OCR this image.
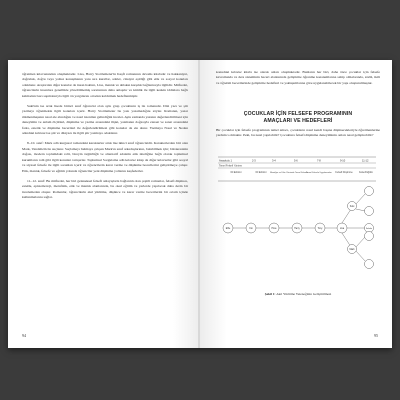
öğretmen kılavuzundan oluşmaktadır. Lisa, Harry Stottlemeier'in Keşfi romanının devamı kitabıdır ve hakkaniyet, doğruluk, doğru veya yalnız konuşmanın yanı sıra kurallar, adalet, cinsiyet eşitliği gibi etik ve sosyal konuları odaklanır. Araştırılan diğer konular da insan hakları, Lisa, mantık ve ahlakın karşılık bağlantısıyla ilgilidir. Müfredat, öğrencilerin insanlara genellikle yöneltilmemiş sorularının daha anlaşılır ve kimlik ile ilgili keskin iddialara bağlı kalmadan bazı sapmalarıyla ilgili ön yargılarını ortadan kaldırmak hedeflenmiştir.

Suki'nin ise artık lisede birinci sınıf öğrencisi olan aynı grup çocukların iş ile romanıdır. Dizi yazı ve şiir yazmayı öğretmekle ilgili konuları içerir. Harry Stottlemeier bu yazı yazamadığını söyler. Romanın, yazar rükmenmaşının nasıl ele alındığını ve nasıl istenilen gelindiğini inceler. Aynı zamanda yazının değerlendirilmesi için deneyimin ve anlam ölçütleri, düşünme ve yazma arasındaki ilişki, yazmanın doğasıyla zanaat ve sanat arasındaki farkı, estetik ve düşünme becerileri ile değerlendirilmesi gibi konular da ele alınır. Yazmaya Nasıl ve Neden adındaki kılavuz ise şiir ve düzyazı ile ilgili şiir yazmaya odaklanır.

8.-10. sınıf: Mark adlı kurgusal romandaki karakterler artık lise ikinci sınıf öğrencisidir. Karakterlerden biri olan Mark, Vandalizm ile suçlanır. Suçlamayı bulmaya çalışan Mark'ın sınıf arkadaşlarının, bulabilmek için; bürokrasinin doğası, modern toplumdaki rolü, bireyin özgürlüğü ve alternatif adaletin etik niteliğine bağlı olarak toplumsal kurumların rolü gibi ilgili konuları tartışırlar. Toplumsal Sorgulama adlı kılavuz kitap da diğer kılavuzlar gibi sosyal ve siyasal felsefe ile ilgili sorunları içerir ve öğrencilerin karar verme ve düşünme becerilerini geliştirmeye çalışır. Etik, mantık, felsefe ve eğitim yolunda öğrenciler yeni düşünme yollarını keşfederler.

11.-12. sınıf: Bu müfredat, her biri geleneksel felsefi anlayışlarla bağlantılı olan çeşitli romanlar, felsefi düşünce, estetik, epistemoloji, metafizik, etik ve mantık alanlarında, bu okul eğitim ve yerlerde yapılacak daha derin bir incelemeden oluşur. Romanlar, öğrencilerin akıl yürütme, düşünce ve karar verme becerilerini bir ortam içinde kullanmalarını sağlar.

94

konudaki kılavuz kitabı ise olarak onları oluşmaktadır. Bunların her biri, daha önce çocuklar için felsefe kavramında ve ders sisteminin beceri alanlarında geliştirme öğrenme kazanımlarına sahip olmalarında, sözlü, ikili ve öğretim becerilerinde geliştirme hedefleri ve yaklaşımlarına göre uygulanabilecek bir yapı oluşturulmuştur.

ÇOCUKLAR İÇİN FELSEFE PROGRAMININ
AMAÇLARI VE HEDEFLERİ

Bir çocuklar için felsefe programının temel amacı, çocukların nasıl kendi başına düşünecekleriyle öğretmenlerine yardımcı olmaktır. Peki, bu nasıl yapılabilir? Çocuklara felsefi düşünme deneyiminin onları nasıl geliştirebilir?

Anaokulu 1	2-3	3-4	5-6	7-8	9-10	11-12
Temel Felsefi Yöntem
Dil Edinimi	Dil Edinimi Mantığın ve Dilin Ötesinde Temel Felsefe
Temel Felsefe Uygulamaları Felsefi Düşünme	Felsefi Eğitim
Elfie	Kio	Pixie	Harry	Tony	Lisa
Suki
Mark
Felsefe
Şekil 1: Akıl Yürütme Yeteneğinin Geliştirilmesi
95
